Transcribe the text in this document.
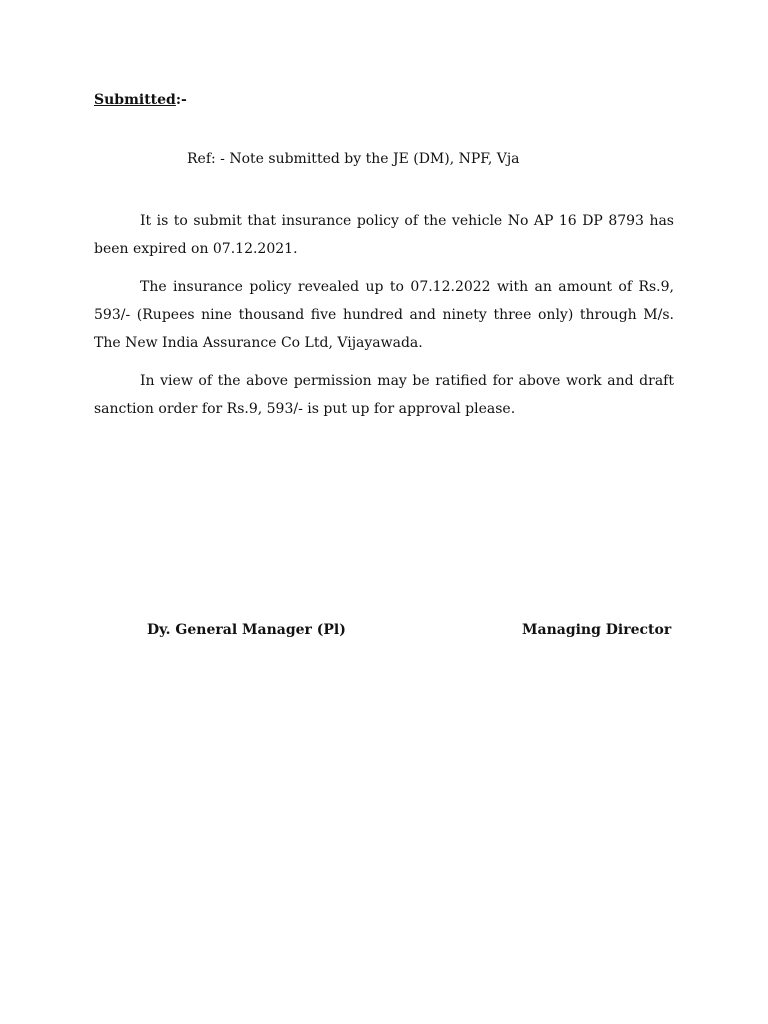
Submitted:-
Ref: - Note submitted by the JE (DM), NPF, Vja

It is to submit that insurance policy of the vehicle No AP 16 DP 8793 has been expired on 07.12.2021.

The insurance policy revealed up to 07.12.2022 with an amount of Rs.9, 593/- (Rupees nine thousand five hundred and ninety three only) through M/s. The New India Assurance Co Ltd, Vijayawada.

In view of the above permission may be ratified for above work and draft sanction order for Rs.9, 593/- is put up for approval please.

Dy. General Manager (Pl)	Managing Director
